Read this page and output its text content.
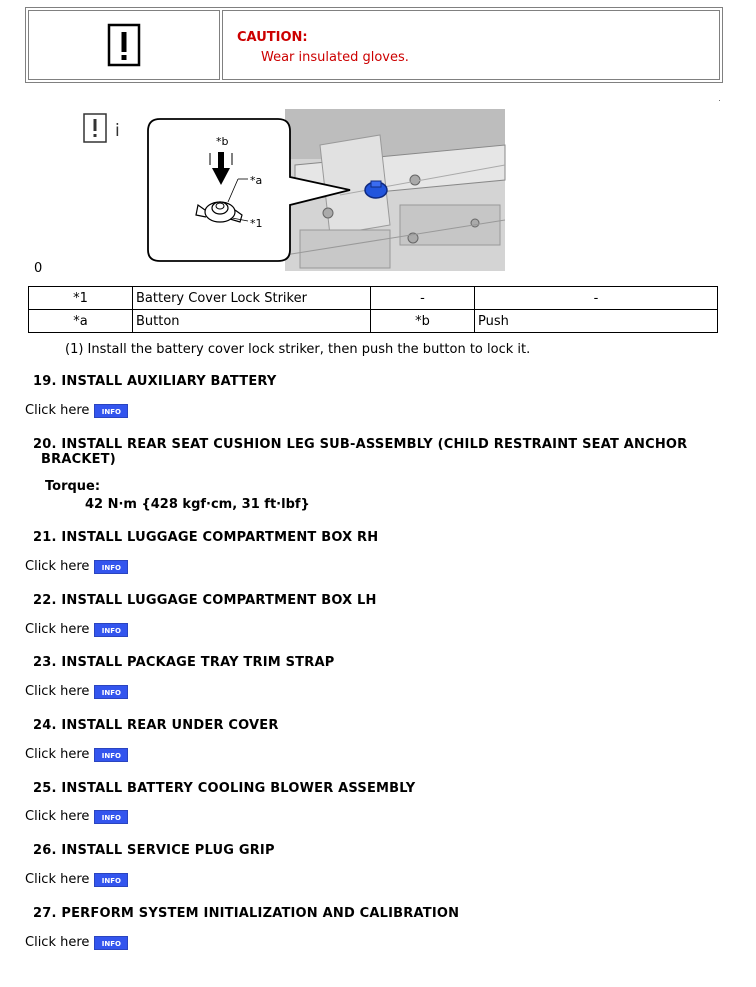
CAUTION:
Wear insulated gloves.
i
*b
*a
*1
0
*1	Battery Cover Lock Striker	-	-
*a	Button	*b	Push
(1) Install the battery cover lock striker, then push the button to lock it.
19. INSTALL AUXILIARY BATTERY
Click here	INFO
20. INSTALL REAR SEAT CUSHION LEG SUB-ASSEMBLY (CHILD RESTRAINT SEAT ANCHOR
BRACKET)
Torque:
42 N·m {428 kgf·cm, 31 ft·lbf}
21. INSTALL LUGGAGE COMPARTMENT BOX RH
Click here	INFO
22. INSTALL LUGGAGE COMPARTMENT BOX LH
Click here	INFO
23. INSTALL PACKAGE TRAY TRIM STRAP
Click here	INFO
24. INSTALL REAR UNDER COVER
Click here	INFO
25. INSTALL BATTERY COOLING BLOWER ASSEMBLY
Click here	INFO
26. INSTALL SERVICE PLUG GRIP
Click here	INFO
27. PERFORM SYSTEM INITIALIZATION AND CALIBRATION
Click here	INFO
